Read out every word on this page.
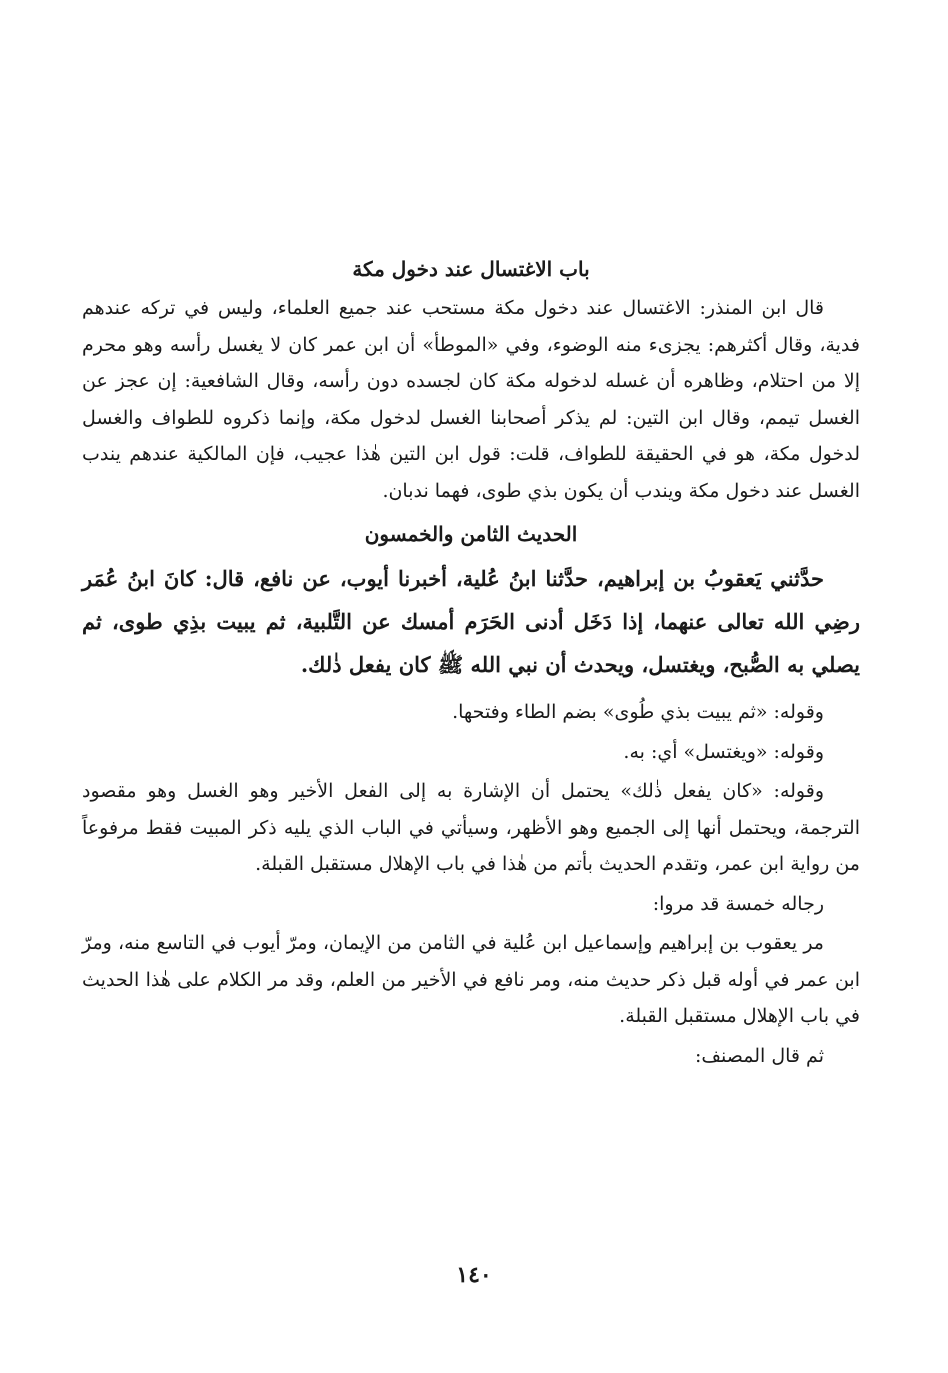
باب الاغتسال عند دخول مكة

قال ابن المنذر: الاغتسال عند دخول مكة مستحب عند جميع العلماء، وليس في تركه عندهم فدية، وقال أكثرهم: يجزىء منه الوضوء، وفي «الموطأ» أن ابن عمر كان لا يغسل رأسه وهو محرم إلا من احتلام، وظاهره أن غسله لدخوله مكة كان لجسده دون رأسه، وقال الشافعية: إن عجز عن الغسل تيمم، وقال ابن التين: لم يذكر أصحابنا الغسل لدخول مكة، وإنما ذكروه للطواف والغسل لدخول مكة، هو في الحقيقة للطواف، قلت: قول ابن التين هٰذا عجيب، فإن المالكية عندهم يندب الغسل عند دخول مكة ويندب أن يكون بذي طوى، فهما ندبان.

الحديث الثامن والخمسون

حدَّثني يَعقوبُ بن إبراهيم، حدَّثنا ابنُ عُلية، أخبرنا أيوب، عن نافع، قال: كانَ ابنُ عُمَر رضِي الله تعالى عنهما، إذا دَخَل أدنى الحَرَم أمسك عن التَّلبية، ثم يبيت بذِي طوى، ثم يصلي به الصُّبح، ويغتسل، ويحدث أن نبي الله ﷺ كان يفعل ذٰلك.

وقوله: «ثم يبيت بذي طُوى» بضم الطاء وفتحها.

وقوله: «ويغتسل» أي: به.

وقوله: «كان يفعل ذٰلك» يحتمل أن الإشارة به إلى الفعل الأخير وهو الغسل وهو مقصود الترجمة، ويحتمل أنها إلى الجميع وهو الأظهر، وسيأتي في الباب الذي يليه ذكر المبيت فقط مرفوعاً من رواية ابن عمر، وتقدم الحديث بأتم من هٰذا في باب الإهلال مستقبل القبلة.

رجاله خمسة قد مروا:

مر يعقوب بن إبراهيم وإسماعيل ابن عُلية في الثامن من الإيمان، ومرّ أيوب في التاسع منه، ومرّ ابن عمر في أوله قبل ذكر حديث منه، ومر نافع في الأخير من العلم، وقد مر الكلام على هٰذا الحديث في باب الإهلال مستقبل القبلة.

ثم قال المصنف:

١٤٠
